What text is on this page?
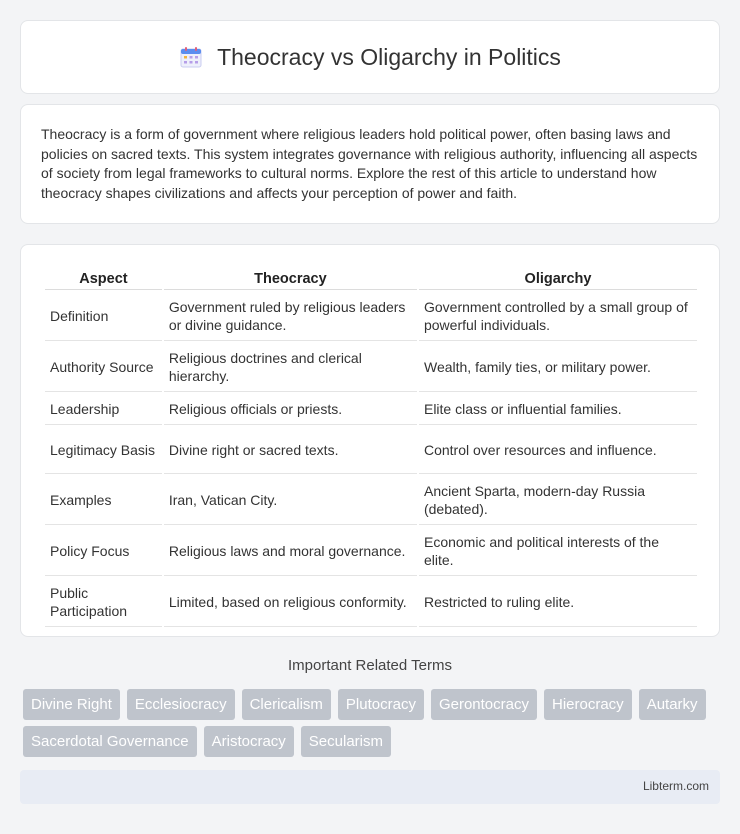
Theocracy vs Oligarchy in Politics

Theocracy is a form of government where religious leaders hold political power, often basing laws and policies on sacred texts. This system integrates governance with religious authority, influencing all aspects of society from legal frameworks to cultural norms. Explore the rest of this article to understand how theocracy shapes civilizations and affects your perception of power and faith.

Aspect	Theocracy	Oligarchy
Definition	Government ruled by religious leaders or divine guidance.	Government controlled by a small group of powerful individuals.
Authority Source	Religious doctrines and clerical hierarchy.	Wealth, family ties, or military power.
Leadership	Religious officials or priests.	Elite class or influential families.
Legitimacy Basis	Divine right or sacred texts.	Control over resources and influence.
Examples	Iran, Vatican City.	Ancient Sparta, modern-day Russia (debated).
Policy Focus	Religious laws and moral governance.	Economic and political interests of the elite.
Public Participation	Limited, based on religious conformity.	Restricted to ruling elite.
Important Related Terms
Divine Right	Ecclesiocracy	Clericalism	Plutocracy	Gerontocracy	Hierocracy	Autarky
Sacerdotal Governance	Aristocracy	Secularism
Libterm.com
